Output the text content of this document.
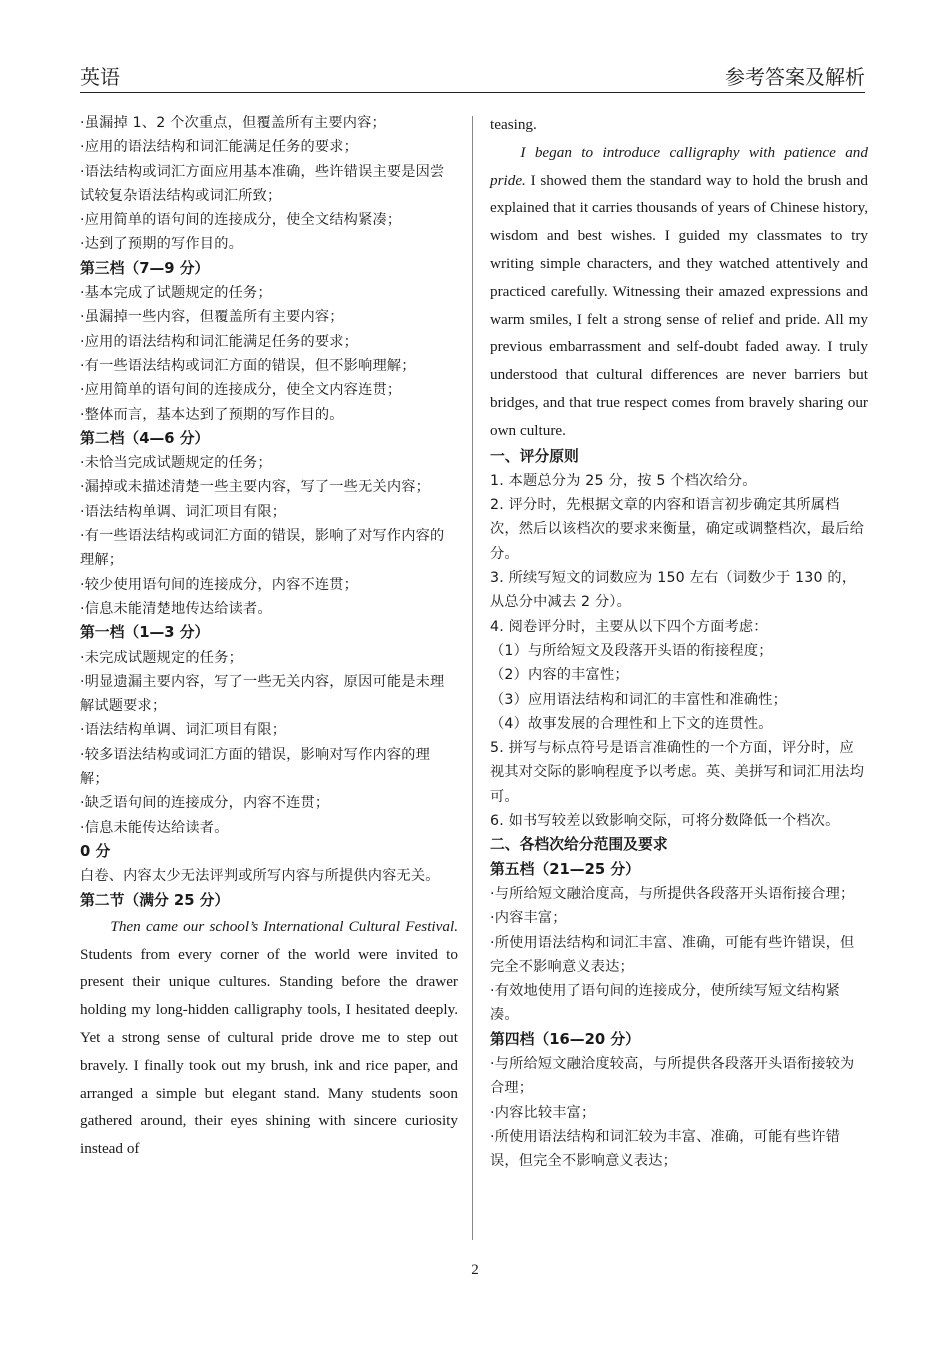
英语	参考答案及解析

·虽漏掉 1、2 个次重点，但覆盖所有主要内容；

·应用的语法结构和词汇能满足任务的要求；

·语法结构或词汇方面应用基本准确，些许错误主要是因尝试较复杂语法结构或词汇所致；

·应用简单的语句间的连接成分，使全文结构紧凑；

·达到了预期的写作目的。

第三档（7—9 分）

·基本完成了试题规定的任务；

·虽漏掉一些内容，但覆盖所有主要内容；

·应用的语法结构和词汇能满足任务的要求；

·有一些语法结构或词汇方面的错误，但不影响理解；

·应用简单的语句间的连接成分，使全文内容连贯；

·整体而言，基本达到了预期的写作目的。

第二档（4—6 分）

·未恰当完成试题规定的任务；

·漏掉或未描述清楚一些主要内容，写了一些无关内容；

·语法结构单调、词汇项目有限；

·有一些语法结构或词汇方面的错误，影响了对写作内容的理解；

·较少使用语句间的连接成分，内容不连贯；

·信息未能清楚地传达给读者。

第一档（1—3 分）

·未完成试题规定的任务；

·明显遗漏主要内容，写了一些无关内容，原因可能是未理解试题要求；

·语法结构单调、词汇项目有限；

·较多语法结构或词汇方面的错误，影响对写作内容的理解；

·缺乏语句间的连接成分，内容不连贯；

·信息未能传达给读者。

0 分

白卷、内容太少无法评判或所写内容与所提供内容无关。

第二节（满分 25 分）

Then came our school’s International Cultural Festival. Students from every corner of the world were invited to present their unique cultures. Standing before the drawer holding my long-hidden calligraphy tools, I hesitated deeply. Yet a strong sense of cultural pride drove me to step out bravely. I finally took out my brush, ink and rice paper, and arranged a simple but elegant stand. Many students soon gathered around, their eyes shining with sincere curiosity instead of

teasing.

I began to introduce calligraphy with patience and pride. I showed them the standard way to hold the brush and explained that it carries thousands of years of Chinese history, wisdom and best wishes. I guided my classmates to try writing simple characters, and they watched attentively and practiced carefully. Witnessing their amazed expressions and warm smiles, I felt a strong sense of relief and pride. All my previous embarrassment and self-doubt faded away. I truly understood that cultural differences are never barriers but bridges, and that true respect comes from bravely sharing our own culture.

一、评分原则

1. 本题总分为 25 分，按 5 个档次给分。

2. 评分时，先根据文章的内容和语言初步确定其所属档次，然后以该档次的要求来衡量，确定或调整档次，最后给分。

3. 所续写短文的词数应为 150 左右（词数少于 130 的，从总分中减去 2 分）。

4. 阅卷评分时，主要从以下四个方面考虑：

（1）与所给短文及段落开头语的衔接程度；

（2）内容的丰富性；

（3）应用语法结构和词汇的丰富性和准确性；

（4）故事发展的合理性和上下文的连贯性。

5. 拼写与标点符号是语言准确性的一个方面，评分时，应视其对交际的影响程度予以考虑。英、美拼写和词汇用法均可。

6. 如书写较差以致影响交际，可将分数降低一个档次。

二、各档次给分范围及要求

第五档（21—25 分）

·与所给短文融洽度高，与所提供各段落开头语衔接合理；

·内容丰富；

·所使用语法结构和词汇丰富、准确，可能有些许错误，但完全不影响意义表达；

·有效地使用了语句间的连接成分，使所续写短文结构紧凑。

第四档（16—20 分）

·与所给短文融洽度较高，与所提供各段落开头语衔接较为合理；

·内容比较丰富；

·所使用语法结构和词汇较为丰富、准确，可能有些许错误，但完全不影响意义表达；

2
